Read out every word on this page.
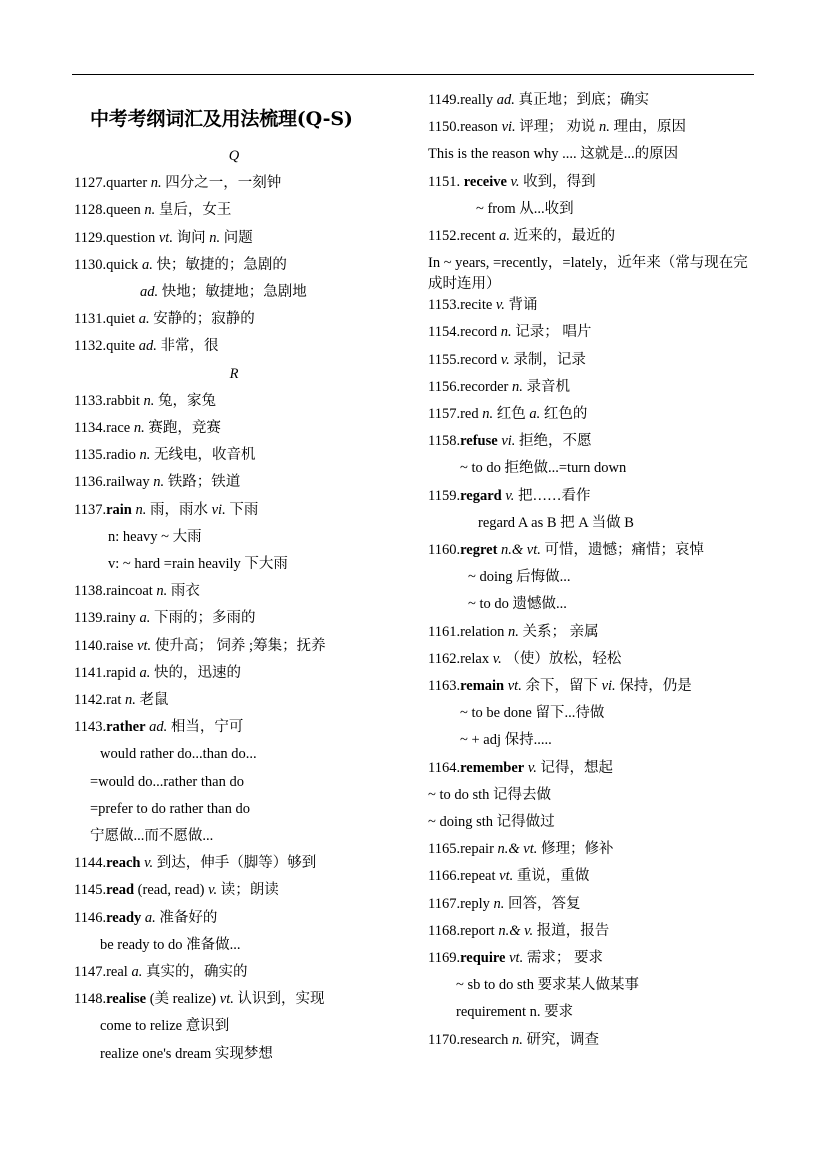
中考考纲词汇及用法梳理(Q-S)
Q
1127.quarter n. 四分之一，一刻钟
1128.queen n. 皇后，女王
1129.question vt. 询问 n. 问题
1130.quick a. 快；敏捷的；急剧的
ad. 快地；敏捷地；急剧地
1131.quiet a. 安静的；寂静的
1132.quite ad. 非常，很
R
1133.rabbit n. 兔，家兔
1134.race n. 赛跑，竞赛
1135.radio n. 无线电，收音机
1136.railway n. 铁路；铁道
1137.rain n. 雨，雨水 vi. 下雨
n: heavy ~ 大雨
v: ~ hard =rain heavily 下大雨
1138.raincoat n. 雨衣
1139.rainy a. 下雨的；多雨的
1140.raise vt. 使升高； 饲养 ;筹集；抚养
1141.rapid a. 快的，迅速的
1142.rat n. 老鼠
1143.rather ad. 相当，宁可
would rather do...than do...
=would do...rather than do
=prefer to do rather than do
宁愿做...而不愿做...
1144.reach v. 到达，伸手（脚等）够到
1145.read (read, read) v. 读；朗读
1146.ready a. 准备好的
be ready to do 准备做...
1147.real a. 真实的，确实的
1148.realise (美 realize) vt. 认识到，实现
come to relize 意识到
realize one's dream 实现梦想
1149.really ad. 真正地；到底；确实
1150.reason vi. 评理； 劝说 n. 理由，原因
This is the reason why .... 这就是...的原因
1151. receive v. 收到，得到
~ from 从...收到
1152.recent a. 近来的，最近的
In ~ years, =recently，=lately，近年来（常与现在完成时连用）
1153.recite v. 背诵
1154.record n. 记录； 唱片
1155.record v. 录制，记录
1156.recorder n. 录音机
1157.red n. 红色 a. 红色的
1158.refuse vi. 拒绝，不愿
~ to do 拒绝做...=turn down
1159.regard v. 把……看作
regard A as B 把 A 当做 B
1160.regret n.& vt. 可惜，遗憾；痛惜；哀悼
~ doing 后悔做...
~ to do 遗憾做...
1161.relation n. 关系； 亲属
1162.relax v. （使）放松，轻松
1163.remain vt. 余下，留下 vi. 保持，仍是
~ to be done 留下...待做
~ + adj 保持.....
1164.remember v. 记得，想起
~ to do sth 记得去做
~ doing sth 记得做过
1165.repair n.& vt. 修理；修补
1166.repeat vt. 重说，重做
1167.reply n. 回答，答复
1168.report n.& v. 报道，报告
1169.require vt. 需求； 要求
~ sb to do sth 要求某人做某事
requirement n. 要求
1170.research n. 研究，调查
